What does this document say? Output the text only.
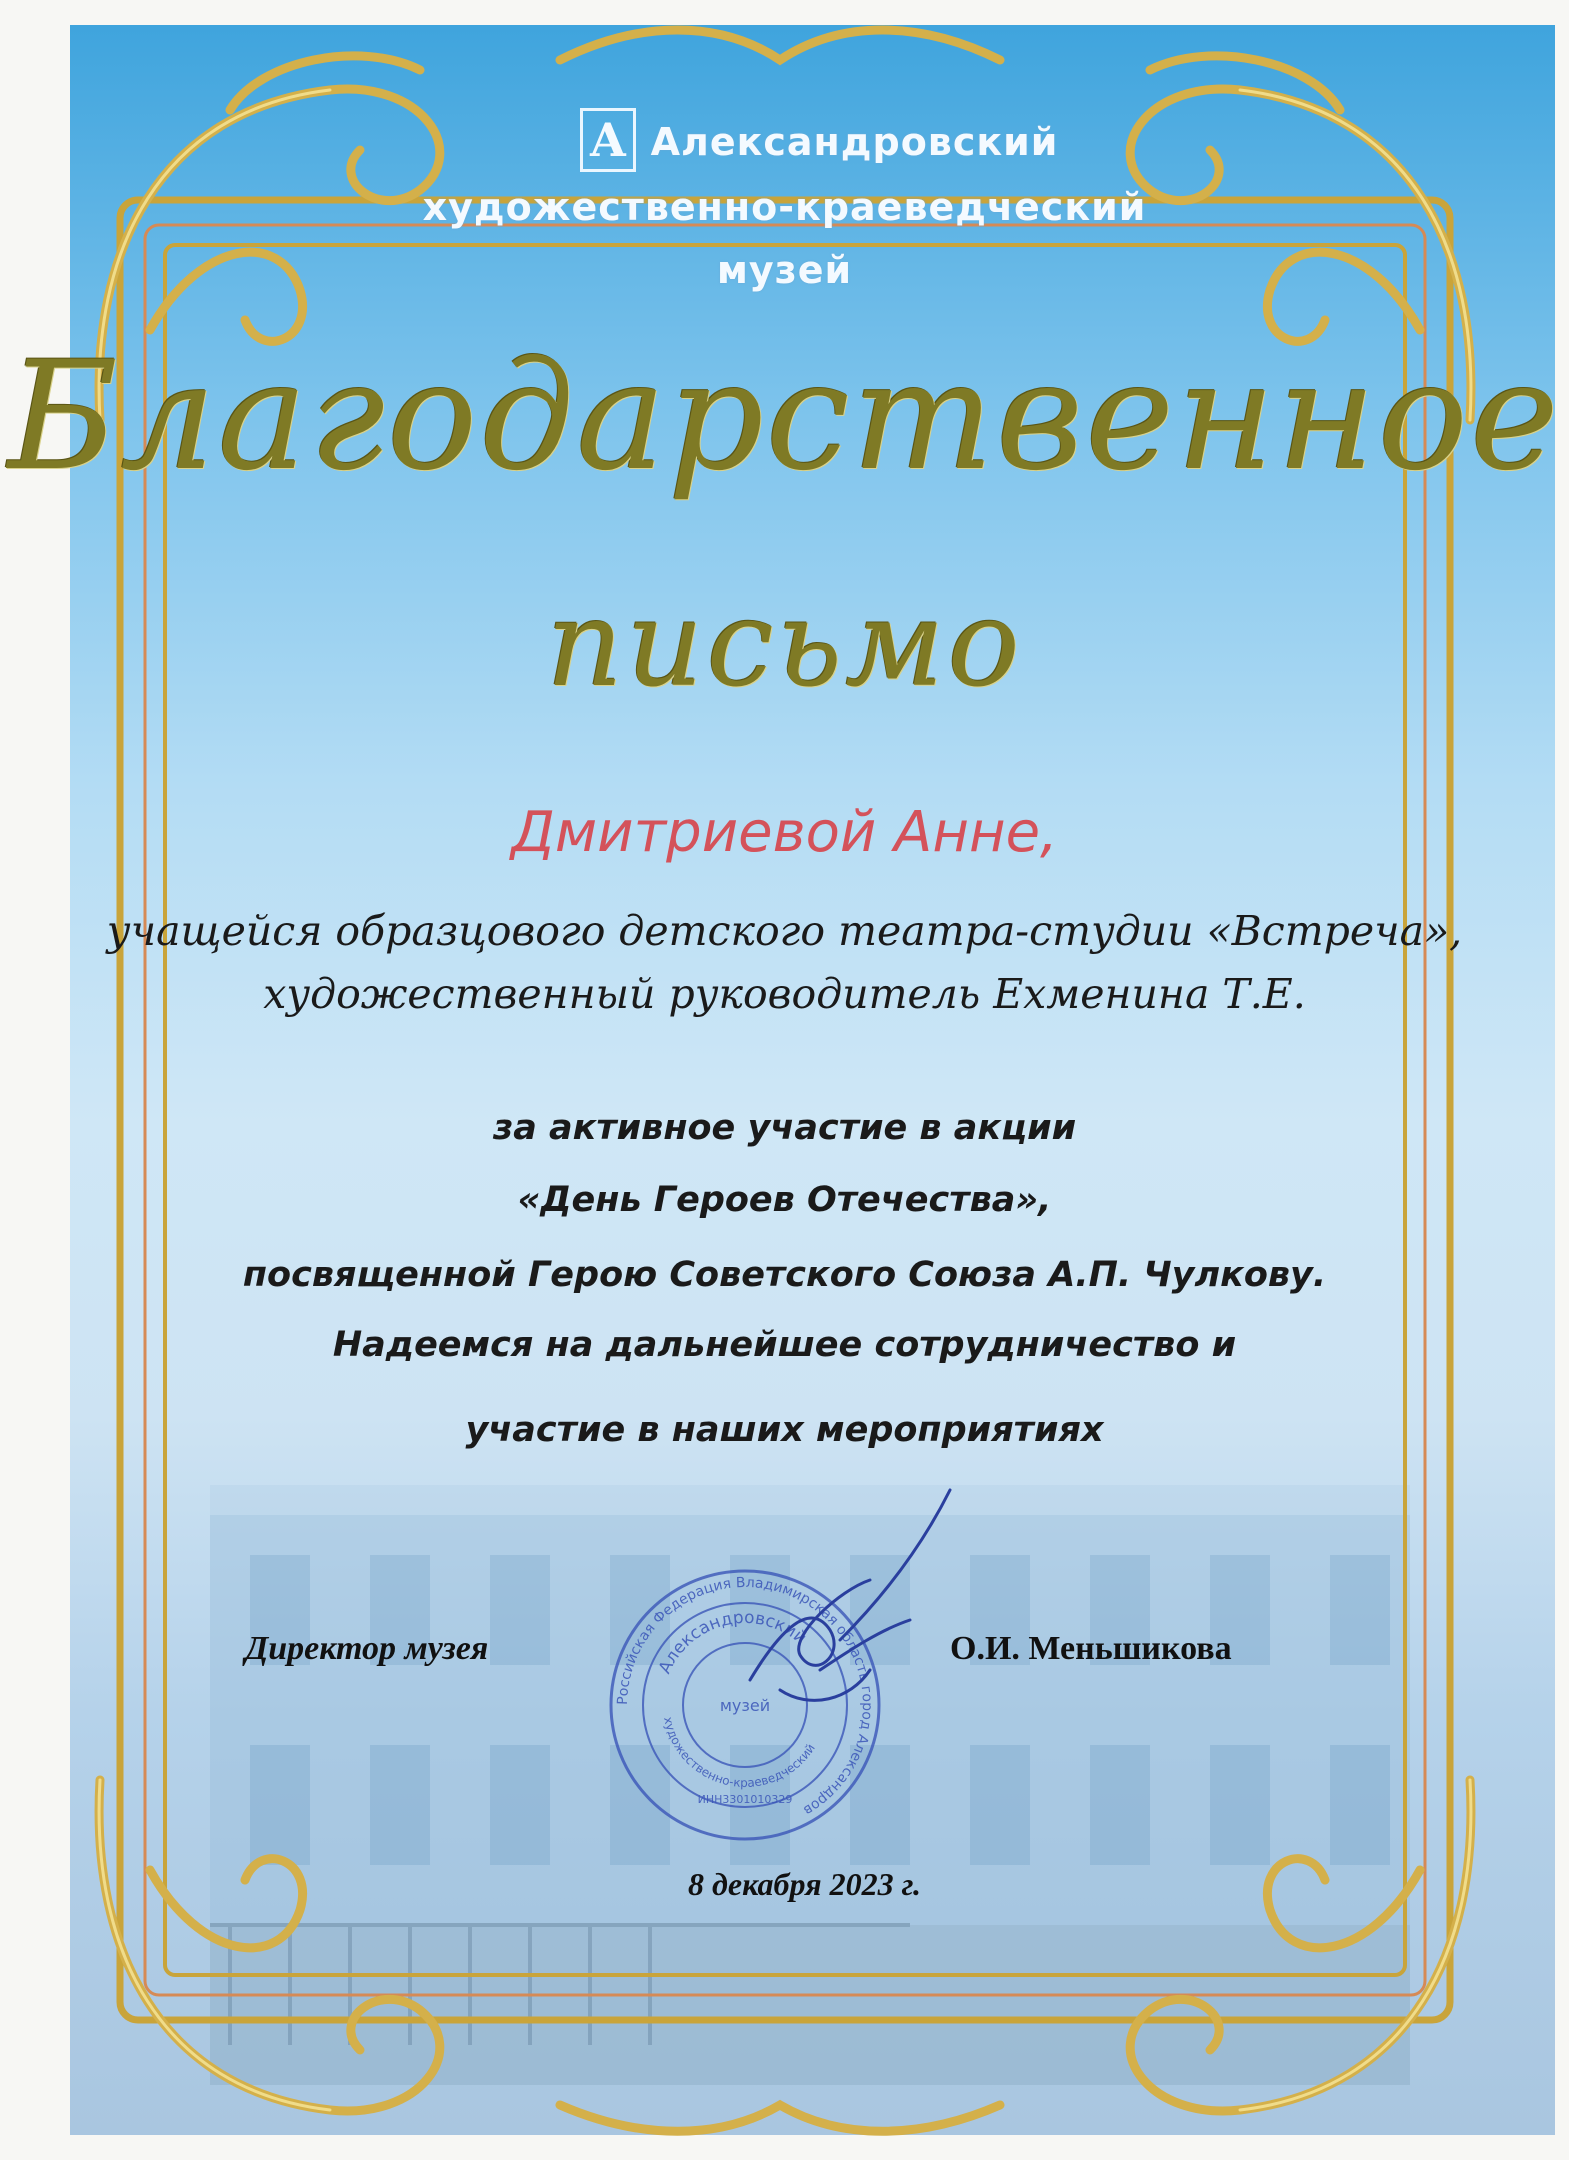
А Александровский
художественно-краеведческий
музей
Благодарственное
письмо
Дмитриевой Анне,
учащейся образцового детского театра-студии «Встреча»,
художественный руководитель Ехменина Т.Е.
за активное участие в акции
«День Героев Отечества»,
посвященной Герою Советского Союза А.П. Чулкову.
Надеемся на дальнейшее сотрудничество и
участие в наших мероприятиях
Директор музея	О.И. Меньшикова
Российская Федерация Владимирская область город Александров
Александровский
художественно-краеведческий
музей
ИНН3301010329
8 декабря 2023 г.
